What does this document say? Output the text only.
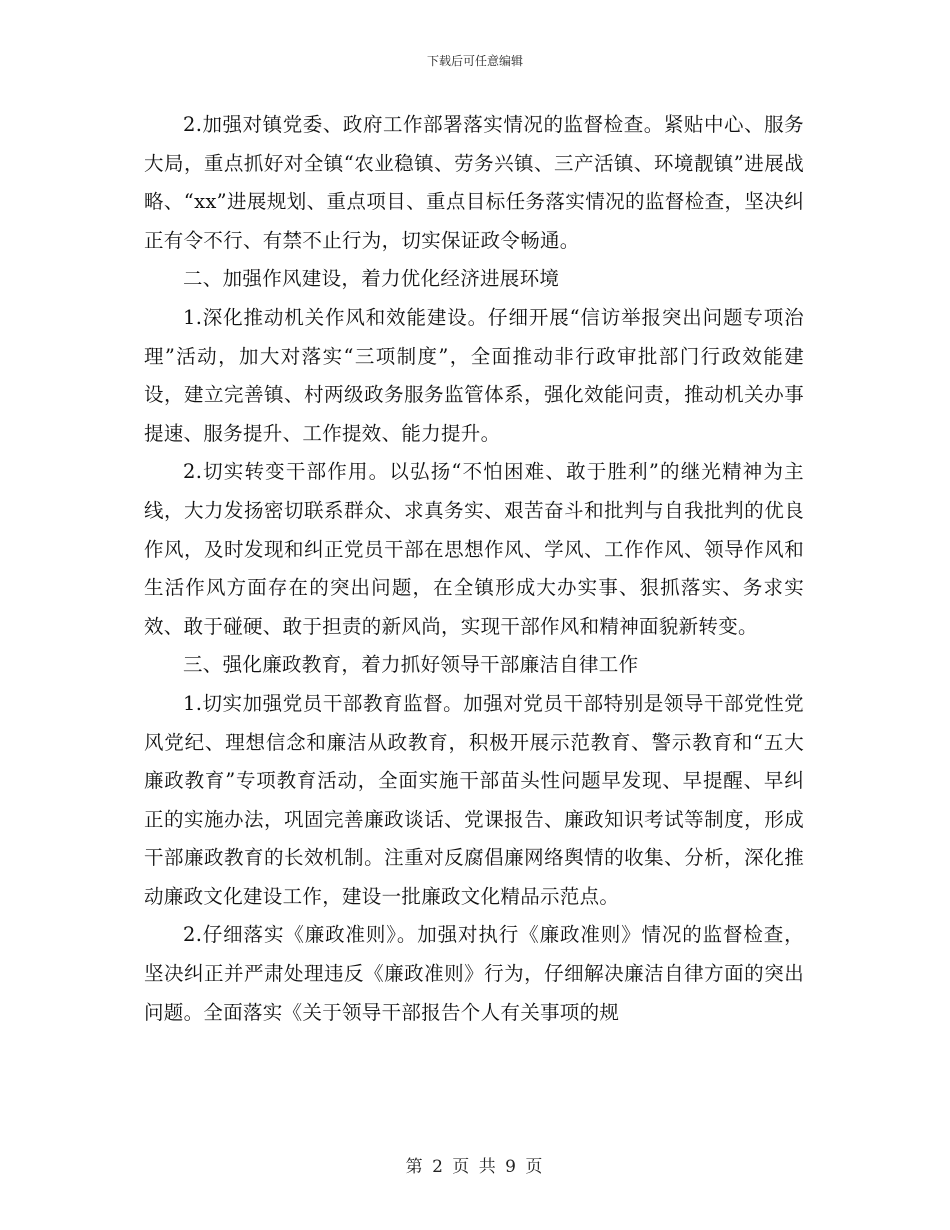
下载后可任意编辑

2.加强对镇党委、政府工作部署落实情况的监督检查。紧贴中心、服务大局，重点抓好对全镇“农业稳镇、劳务兴镇、三产活镇、环境靓镇”进展战略、“xx”进展规划、重点项目、重点目标任务落实情况的监督检查，坚决纠正有令不行、有禁不止行为，切实保证政令畅通。

二、加强作风建设，着力优化经济进展环境

1.深化推动机关作风和效能建设。仔细开展“信访举报突出问题专项治理”活动，加大对落实“三项制度”，全面推动非行政审批部门行政效能建设，建立完善镇、村两级政务服务监管体系，强化效能问责，推动机关办事提速、服务提升、工作提效、能力提升。

2.切实转变干部作用。以弘扬“不怕困难、敢于胜利”的继光精神为主线，大力发扬密切联系群众、求真务实、艰苦奋斗和批判与自我批判的优良作风，及时发现和纠正党员干部在思想作风、学风、工作作风、领导作风和生活作风方面存在的突出问题，在全镇形成大办实事、狠抓落实、务求实效、敢于碰硬、敢于担责的新风尚，实现干部作风和精神面貌新转变。

三、强化廉政教育，着力抓好领导干部廉洁自律工作

1.切实加强党员干部教育监督。加强对党员干部特别是领导干部党性党风党纪、理想信念和廉洁从政教育，积极开展示范教育、警示教育和“五大廉政教育”专项教育活动，全面实施干部苗头性问题早发现、早提醒、早纠正的实施办法，巩固完善廉政谈话、党课报告、廉政知识考试等制度，形成干部廉政教育的长效机制。注重对反腐倡廉网络舆情的收集、分析，深化推动廉政文化建设工作，建设一批廉政文化精品示范点。

2.仔细落实《廉政准则》。加强对执行《廉政准则》情况的监督检查，坚决纠正并严肃处理违反《廉政准则》行为，仔细解决廉洁自律方面的突出问题。全面落实《关于领导干部报告个人有关事项的规

第 2 页 共 9 页
